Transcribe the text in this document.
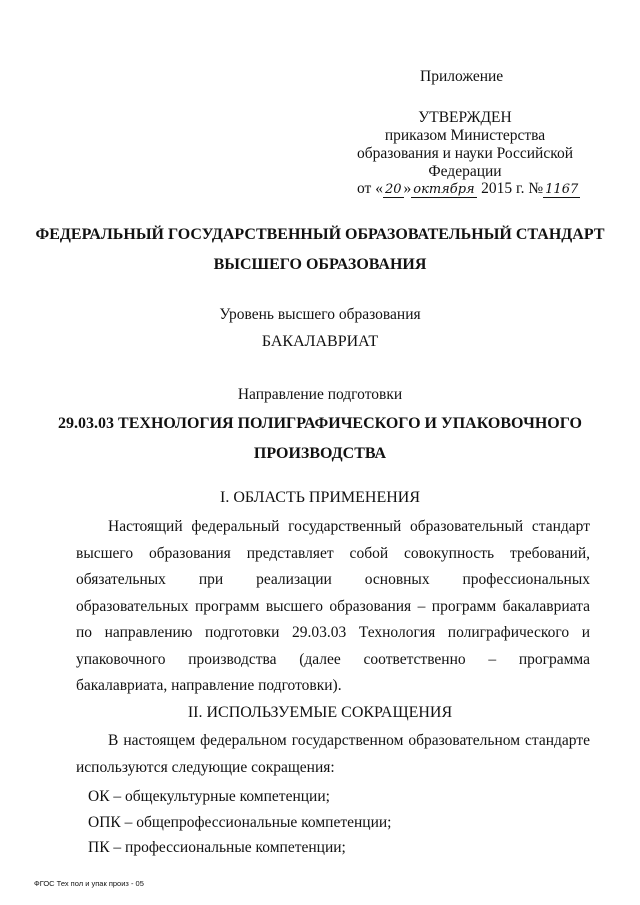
Приложение
УТВЕРЖДЕН
приказом Министерства
образования и науки Российской
Федерации
от « 20 » октября 2015 г. № 1167
ФЕДЕРАЛЬНЫЙ ГОСУДАРСТВЕННЫЙ ОБРАЗОВАТЕЛЬНЫЙ СТАНДАРТ
ВЫСШЕГО ОБРАЗОВАНИЯ
Уровень высшего образования
БАКАЛАВРИАТ
Направление подготовки
29.03.03 ТЕХНОЛОГИЯ ПОЛИГРАФИЧЕСКОГО И УПАКОВОЧНОГО
ПРОИЗВОДСТВА
I. ОБЛАСТЬ ПРИМЕНЕНИЯ
Настоящий федеральный государственный образовательный стандарт высшего образования представляет собой совокупность требований, обязательных при реализации основных профессиональных образовательных программ высшего образования – программ бакалавриата по направлению подготовки 29.03.03 Технология полиграфического и упаковочного производства (далее соответственно – программа бакалавриата, направление подготовки).
II. ИСПОЛЬЗУЕМЫЕ СОКРАЩЕНИЯ
В настоящем федеральном государственном образовательном стандарте используются следующие сокращения:
ОК – общекультурные компетенции;
ОПК – общепрофессиональные компетенции;
ПК – профессиональные компетенции;
ФГОС Тех пол и упак произ - 05
